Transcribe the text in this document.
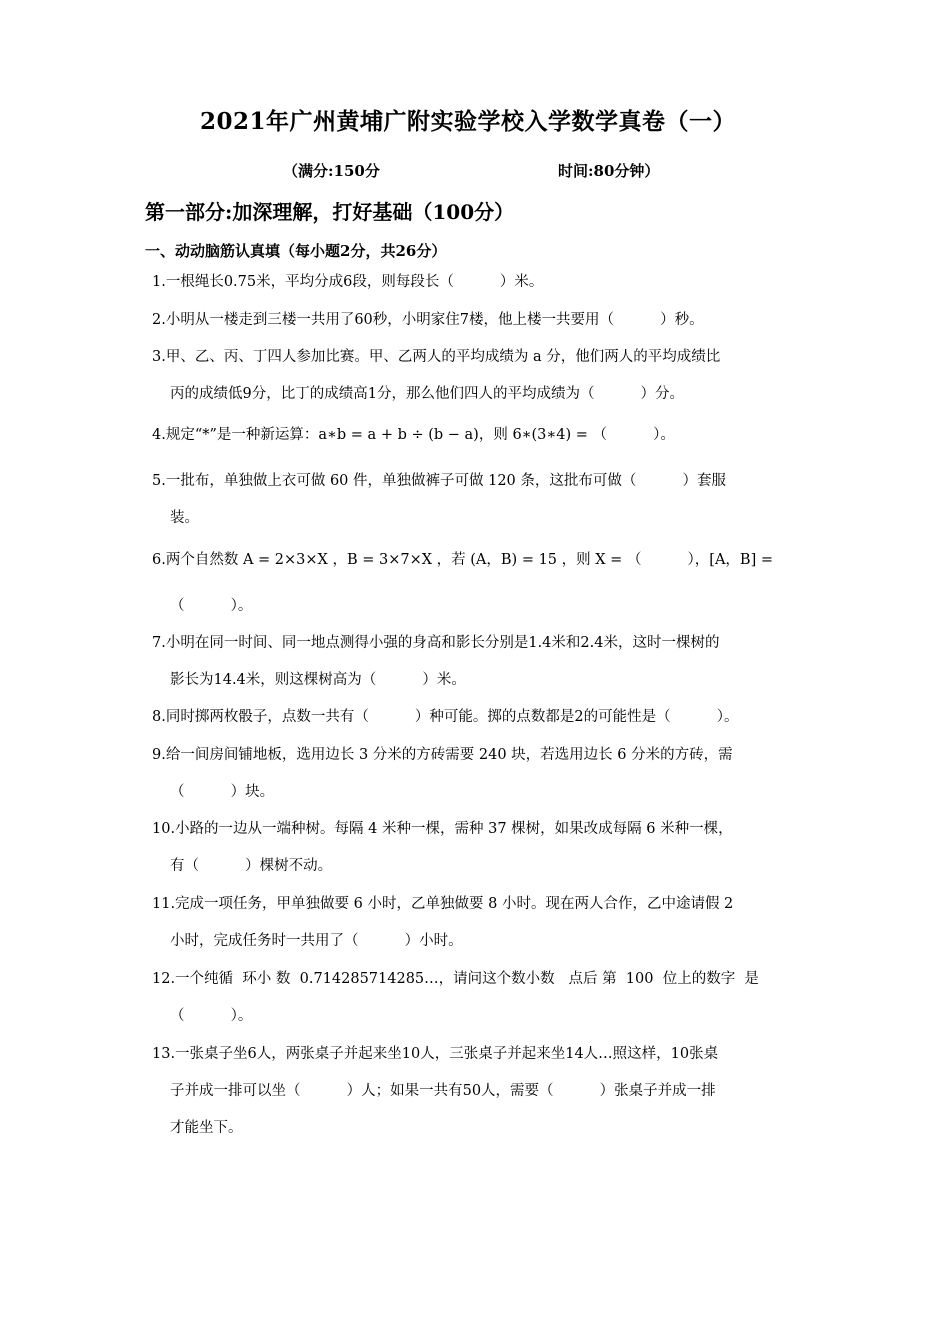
2021年广州黄埔广附实验学校入学数学真卷（一）
（满分:150分	时间:80分钟）
第一部分:加深理解，打好基础（100分）
一、动动脑筋认真填（每小题2分，共26分）
1.一根绳长0.75米，平均分成6段，则每段长（          ）米。
2.小明从一楼走到三楼一共用了60秒，小明家住7楼，他上楼一共要用（          ）秒。
3.甲、乙、丙、丁四人参加比赛。甲、乙两人的平均成绩为 a 分，他们两人的平均成绩比
丙的成绩低9分，比丁的成绩高1分，那么他们四人的平均成绩为（          ）分。
4.规定“*”是一种新运算：a∗b = a + b ÷ (b − a)，则 6∗(3∗4) = （          ）。
5.一批布，单独做上衣可做 60 件，单独做裤子可做 120 条，这批布可做（          ）套服
装。
6.两个自然数 A = 2×3×X ，B = 3×7×X ，若 (A，B) = 15 ，则 X = （          ），[A，B] =
（          ）。
7.小明在同一时间、同一地点测得小强的身高和影长分别是1.4米和2.4米，这时一棵树的
影长为14.4米，则这棵树高为（          ）米。
8.同时掷两枚骰子，点数一共有（          ）种可能。掷的点数都是2的可能性是（          ）。
9.给一间房间铺地板，选用边长 3 分米的方砖需要 240 块，若选用边长 6 分米的方砖，需
（          ）块。
10.小路的一边从一端种树。每隔 4 米种一棵，需种 37 棵树，如果改成每隔 6 米种一棵，
有（          ）棵树不动。
11.完成一项任务，甲单独做要 6 小时，乙单独做要 8 小时。现在两人合作，乙中途请假 2
小时，完成任务时一共用了（          ）小时。
12.一个纯循  环小 数  0.714285714285…，请问这个数小数   点后 第  100  位上的数字  是
（          ）。
13.一张桌子坐6人，两张桌子并起来坐10人，三张桌子并起来坐14人…照这样，10张桌
子并成一排可以坐（          ）人；如果一共有50人，需要（          ）张桌子并成一排
才能坐下。
